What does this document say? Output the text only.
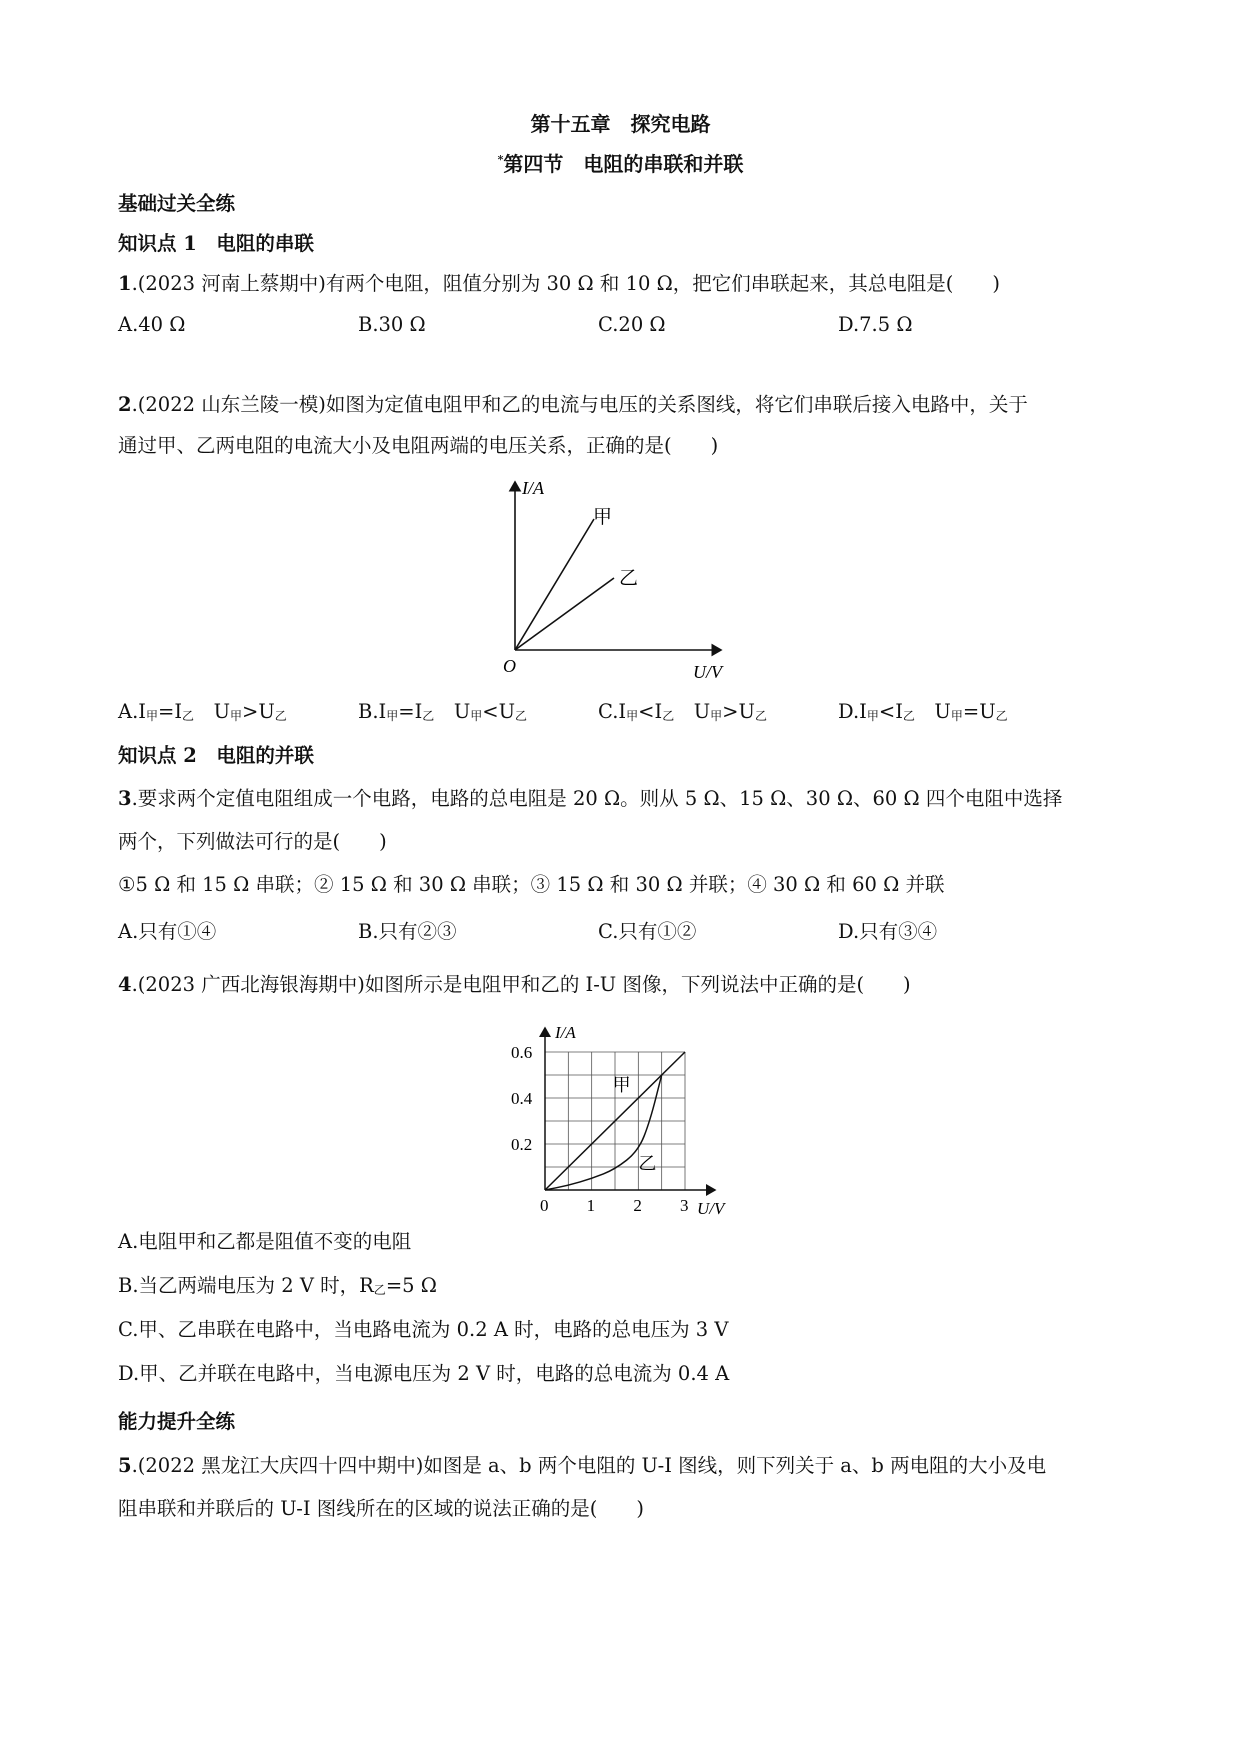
第十五章　探究电路
*第四节　电阻的串联和并联
基础过关全练
知识点 1　电阻的串联
1.(2023 河南上蔡期中)有两个电阻，阻值分别为 30 Ω 和 10 Ω，把它们串联起来，其总电阻是(　　)
A.40 Ω	B.30 Ω	C.20 Ω	D.7.5 Ω
2.(2022 山东兰陵一模)如图为定值电阻甲和乙的电流与电压的关系图线，将它们串联后接入电路中，关于
通过甲、乙两电阻的电流大小及电阻两端的电压关系，正确的是(　　)
I/A
U/V
O
甲
乙
$A.I_甲=I_乙$　$U_甲>U_乙$	$B.I_甲=I_乙$　$U_甲<U_乙$	$C.I_甲<I_乙$　$U_甲>U_乙$	$D.I_甲<I_乙$　$U_甲=U_乙$
知识点 2　电阻的并联
3.要求两个定值电阻组成一个电路，电路的总电阻是 20 Ω。则从 5 Ω、15 Ω、30 Ω、60 Ω 四个电阻中选择
两个，下列做法可行的是(　　)
①5 Ω 和 15 Ω 串联；② 15 Ω 和 30 Ω 串联；③ 15 Ω 和 30 Ω 并联；④ 30 Ω 和 60 Ω 并联
A.只有①④	B.只有②③	C.只有①②	D.只有③④
4.(2023 广西北海银海期中)如图所示是电阻甲和乙的 I-U 图像，下列说法中正确的是(　　)
0 1 2 3
0.2
0.4
0.6
I/A
U/V
甲
乙
A.电阻甲和乙都是阻值不变的电阻
B.当乙两端电压为 2 V 时，$R_乙=5$ Ω
C.甲、乙串联在电路中，当电路电流为 0.2 A 时，电路的总电压为 3 V
D.甲、乙并联在电路中，当电源电压为 2 V 时，电路的总电流为 0.4 A
能力提升全练
5.(2022 黑龙江大庆四十四中期中)如图是 a、b 两个电阻的 U-I 图线，则下列关于 a、b 两电阻的大小及电
阻串联和并联后的 U-I 图线所在的区域的说法正确的是(　　)
